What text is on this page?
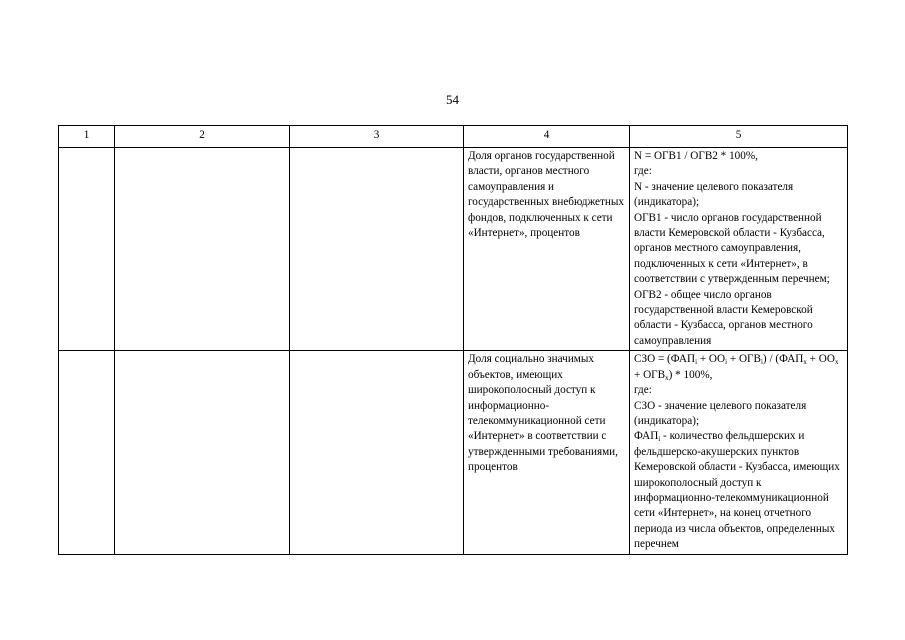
54
1	2	3	4	5
			Доля органов государственной власти, органов местного самоуправления и государственных внебюджетных фондов, подключенных к сети «Интернет», процентов	N = ОГВ1 / ОГВ2 * 100%,
где:
N - значение целевого показателя (индикатора);
ОГВ1 - число органов государственной власти Кемеровской области - Кузбасса, органов местного самоуправления, подключенных к сети «Интернет», в соответствии с утвержденным перечнем;
ОГВ2 - общее число органов государственной власти Кемеровской области - Кузбасса, органов местного самоуправления

			Доля социально значимых объектов, имеющих широкополосный доступ к информационно-телекоммуникационной сети «Интернет» в соответствии с утвержденными требованиями, процентов	СЗО = $(ФАП_i + ОО_i + ОГВ_i) / (ФАП_x + ОО_x + ОГВ_x) * 100\%$,
где:
СЗО - значение целевого показателя (индикатора);
$ФАП_i$ - количество фельдшерских и фельдшерско-акушерских пунктов Кемеровской области - Кузбасса, имеющих широкополосный доступ к информационно-телекоммуникационной сети «Интернет», на конец отчетного периода из числа объектов, определенных перечнем
